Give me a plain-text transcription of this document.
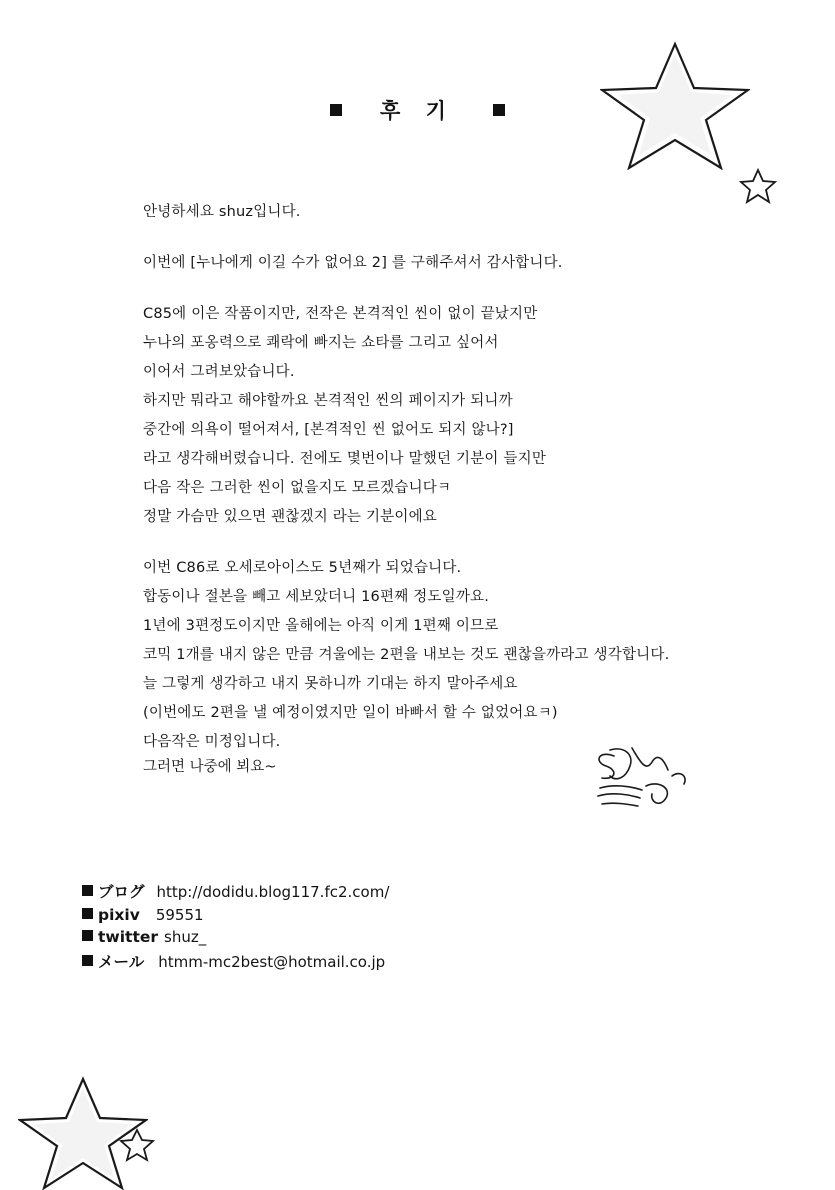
후 기

안녕하세요 shuz입니다.

이번에 [누나에게 이길 수가 없어요 2] 를 구해주셔서 감사합니다.

C85에 이은 작품이지만, 전작은 본격적인 씬이 없이 끝났지만
누나의 포옹력으로 쾌락에 빠지는 쇼타를 그리고 싶어서
이어서 그려보았습니다.
하지만 뭐라고 해야할까요 본격적인 씬의 페이지가 되니까
중간에 의욕이 떨어져서, [본격적인 씬 없어도 되지 않나?]
라고 생각해버렸습니다. 전에도 몇번이나 말했던 기분이 들지만
다음 작은 그러한 씬이 없을지도 모르겠습니다ㅋ
정말 가슴만 있으면 괜찮겠지 라는 기분이에요

이번 C86로 오세로아이스도 5년째가 되었습니다.
합동이나 절본을 빼고 세보았더니 16편째 정도일까요.
1년에 3편정도이지만 올해에는 아직 이게 1편째 이므로
코믹 1개를 내지 않은 만큼 겨울에는 2편을 내보는 것도 괜찮을까라고 생각합니다.
늘 그렇게 생각하고 내지 못하니까 기대는 하지 말아주세요
(이번에도 2편을 낼 예정이였지만 일이 바빠서 할 수 없었어요ㅋ)
다음작은 미정입니다.

그러면 나중에 뵈요~
ブログ http://dodidu.blog117.fc2.com/
pixiv 59551
twitter shuz_
メール htmm-mc2best@hotmail.co.jp
